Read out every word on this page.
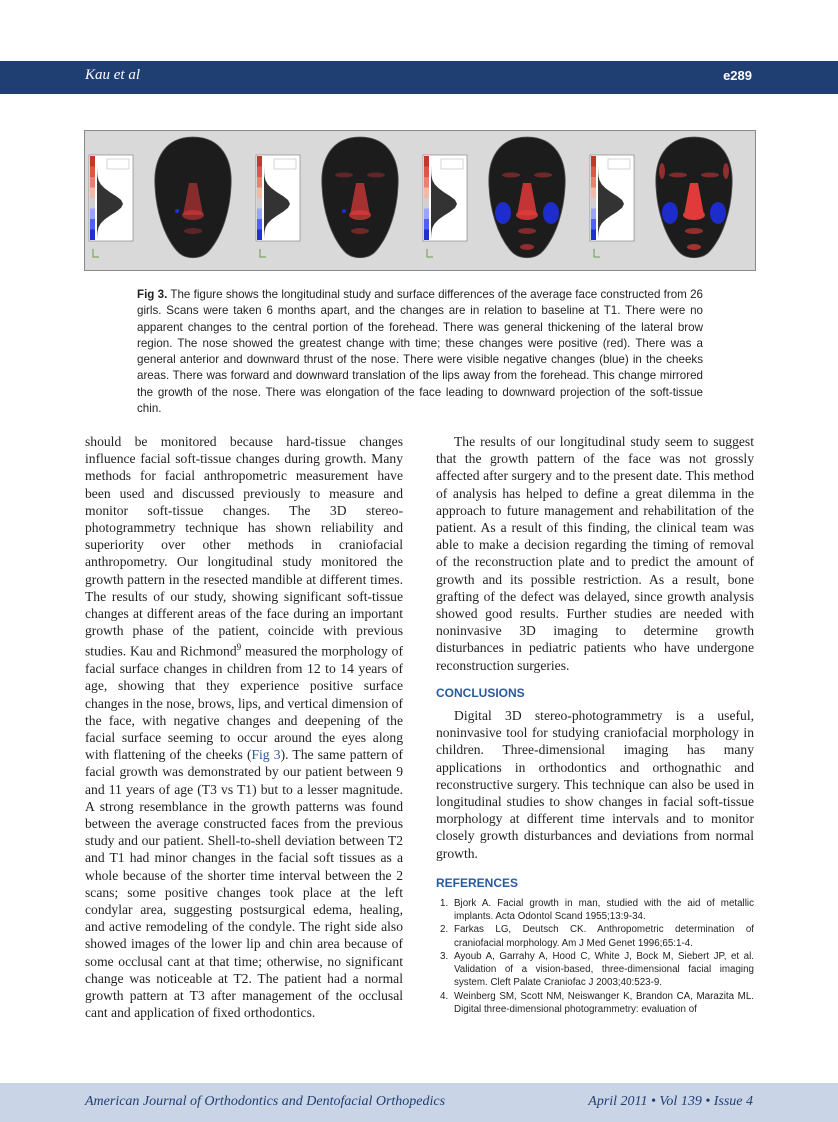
Kau et al	e289
Fig 3. The figure shows the longitudinal study and surface differences of the average face constructed from 26 girls. Scans were taken 6 months apart, and the changes are in relation to baseline at T1. There were no apparent changes to the central portion of the forehead. There was general thickening of the lateral brow region. The nose showed the greatest change with time; these changes were positive (red). There was a general anterior and downward thrust of the nose. There were visible negative changes (blue) in the cheeks areas. There was forward and downward translation of the lips away from the forehead. This change mirrored the growth of the nose. There was elongation of the face leading to downward projection of the soft-tissue chin.

should be monitored because hard-tissue changes influence facial soft-tissue changes during growth. Many methods for facial anthropometric measurement have been used and discussed previously to measure and monitor soft-tissue changes. The 3D stereo-photogrammetry technique has shown reliability and superiority over other methods in craniofacial anthropometry. Our longitudinal study monitored the growth pattern in the resected mandible at different times. The results of our study, showing significant soft-tissue changes at different areas of the face during an important growth phase of the patient, coincide with previous studies. Kau and Richmond$^9$ measured the morphology of facial surface changes in children from 12 to 14 years of age, showing that they experience positive surface changes in the nose, brows, lips, and vertical dimension of the face, with negative changes and deepening of the facial surface seeming to occur around the eyes along with flattening of the cheeks (Fig 3). The same pattern of facial growth was demonstrated by our patient between 9 and 11 years of age (T3 vs T1) but to a lesser magnitude. A strong resemblance in the growth patterns was found between the average constructed faces from the previous study and our patient. Shell-to-shell deviation between T2 and T1 had minor changes in the facial soft tissues as a whole because of the shorter time interval between the 2 scans; some positive changes took place at the left condylar area, suggesting postsurgical edema, healing, and active remodeling of the condyle. The right side also showed images of the lower lip and chin area because of some occlusal cant at that time; otherwise, no significant change was noticeable at T2. The patient had a normal growth pattern at T3 after management of the occlusal cant and application of fixed orthodontics.

The results of our longitudinal study seem to suggest that the growth pattern of the face was not grossly affected after surgery and to the present date. This method of analysis has helped to define a great dilemma in the approach to future management and rehabilitation of the patient. As a result of this finding, the clinical team was able to make a decision regarding the timing of removal of the reconstruction plate and to predict the amount of growth and its possible restriction. As a result, bone grafting of the defect was delayed, since growth analysis showed good results. Further studies are needed with noninvasive 3D imaging to determine growth disturbances in pediatric patients who have undergone reconstruction surgeries.

CONCLUSIONS

Digital 3D stereo-photogrammetry is a useful, noninvasive tool for studying craniofacial morphology in children. Three-dimensional imaging has many applications in orthodontics and orthognathic and reconstructive surgery. This technique can also be used in longitudinal studies to show changes in facial soft-tissue morphology at different time intervals and to monitor closely growth disturbances and deviations from normal growth.

REFERENCES
1. Bjork A. Facial growth in man, studied with the aid of metallic implants. Acta Odontol Scand 1955;13:9-34.
2. Farkas LG, Deutsch CK. Anthropometric determination of craniofacial morphology. Am J Med Genet 1996;65:1-4.
3. Ayoub A, Garrahy A, Hood C, White J, Bock M, Siebert JP, et al. Validation of a vision-based, three-dimensional facial imaging system. Cleft Palate Craniofac J 2003;40:523-9.
4. Weinberg SM, Scott NM, Neiswanger K, Brandon CA, Marazita ML. Digital three-dimensional photogrammetry: evaluation of
American Journal of Orthodontics and Dentofacial Orthopedics	April 2011 • Vol 139 • Issue 4
